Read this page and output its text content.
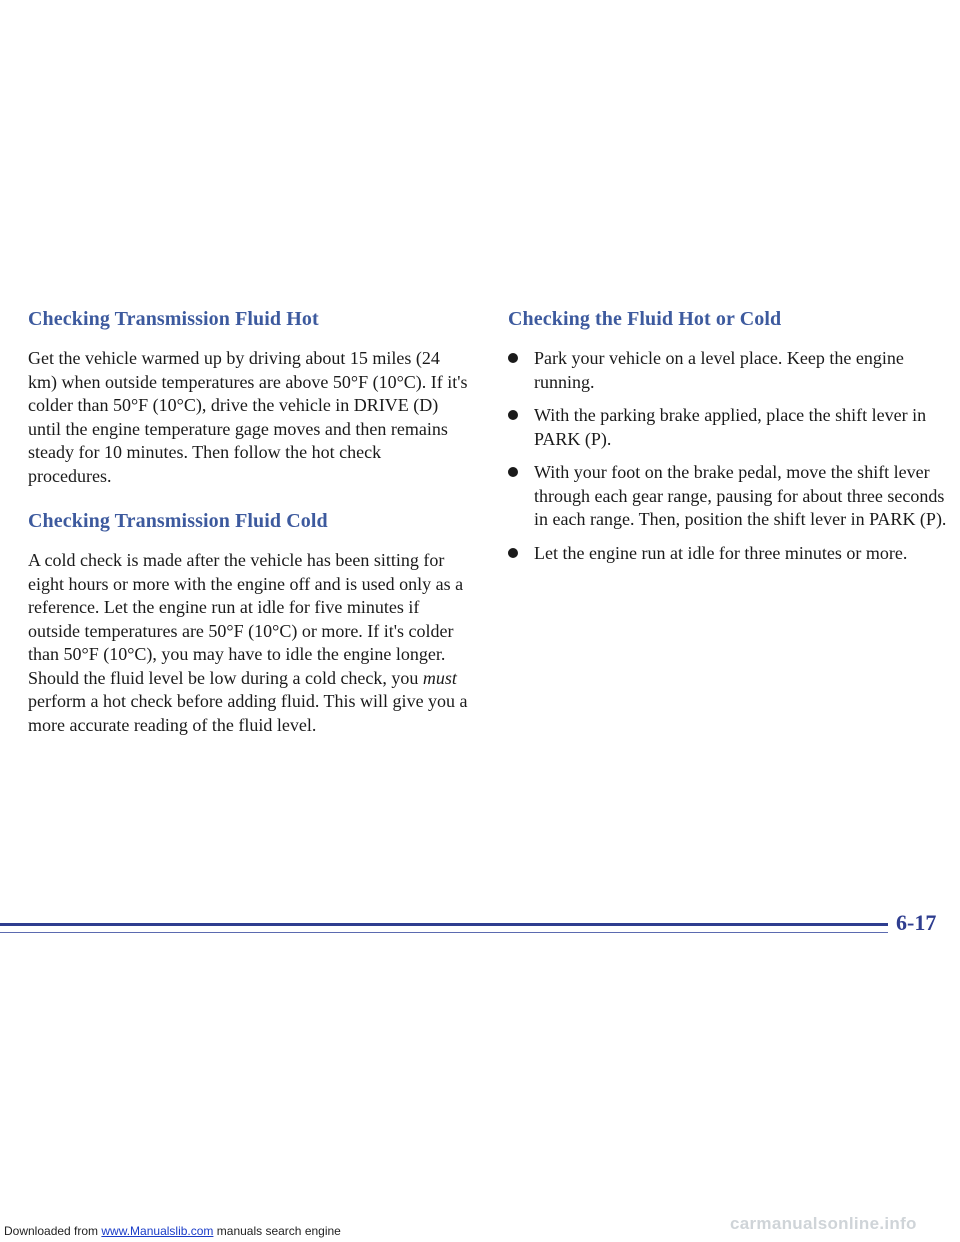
Checking Transmission Fluid Hot

Get the vehicle warmed up by driving about 15 miles (24 km) when outside temperatures are above 50°F (10°C). If it's colder than 50°F (10°C), drive the vehicle in DRIVE (D) until the engine temperature gage moves and then remains steady for 10 minutes. Then follow the hot check procedures.

Checking Transmission Fluid Cold

A cold check is made after the vehicle has been sitting for eight hours or more with the engine off and is used only as a reference. Let the engine run at idle for five minutes if outside temperatures are 50°F (10°C) or more. If it's colder than 50°F (10°C), you may have to idle the engine longer. Should the fluid level be low during a cold check, you must perform a hot check before adding fluid. This will give you a more accurate reading of the fluid level.

Checking the Fluid Hot or Cold
Park your vehicle on a level place. Keep the engine running.
With the parking brake applied, place the shift lever in PARK (P).
With your foot on the brake pedal, move the shift lever through each gear range, pausing for about three seconds in each range. Then, position the shift lever in PARK (P).
Let the engine run at idle for three minutes or more.
6-17
Downloaded from www.Manualslib.com manuals search engine	carmanualsonline.info
